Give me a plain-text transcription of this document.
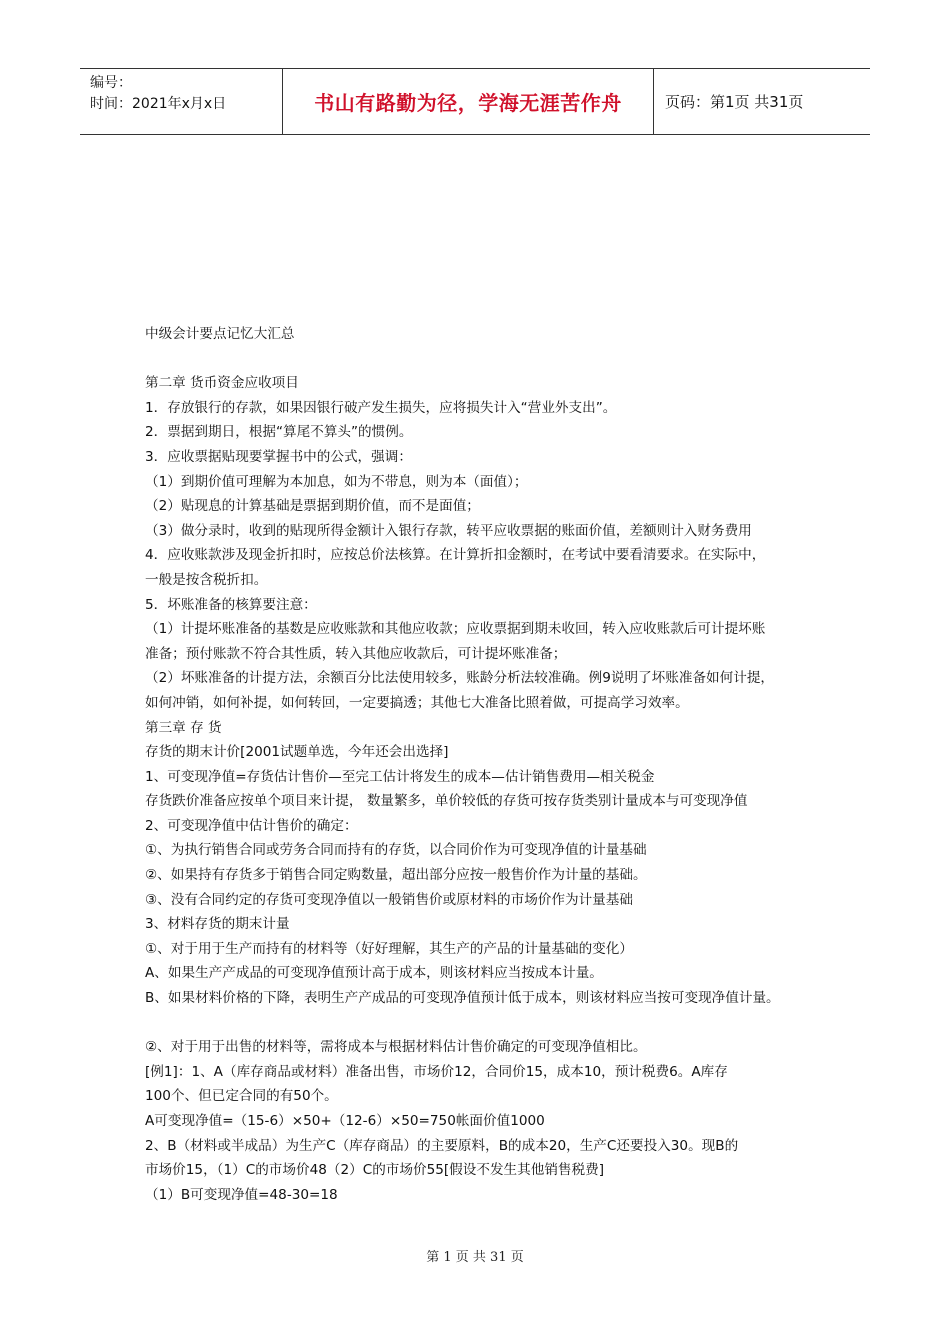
编号：
时间：2021年x月x日	书山有路勤为径，学海无涯苦作舟	页码：第1页 共31页

中级会计要点记忆大汇总

第二章 货币资金应收项目

1．存放银行的存款，如果因银行破产发生损失，应将损失计入“营业外支出”。

2．票据到期日，根据“算尾不算头”的惯例。

3．应收票据贴现要掌握书中的公式，强调：

（1）到期价值可理解为本加息，如为不带息，则为本（面值）；

（2）贴现息的计算基础是票据到期价值，而不是面值；

（3）做分录时，收到的贴现所得金额计入银行存款，转平应收票据的账面价值，差额则计入财务费用

4．应收账款涉及现金折扣时，应按总价法核算。在计算折扣金额时，在考试中要看清要求。在实际中，

一般是按含税折扣。

5．坏账准备的核算要注意：

（1）计提坏账准备的基数是应收账款和其他应收款；应收票据到期未收回，转入应收账款后可计提坏账

准备；预付账款不符合其性质，转入其他应收款后，可计提坏账准备；

（2）坏账准备的计提方法，余额百分比法使用较多，账龄分析法较准确。例9说明了坏账准备如何计提，

如何冲销，如何补提，如何转回，一定要搞透；其他七大准备比照着做，可提高学习效率。

第三章 存 货

存货的期末计价[2001试题单选，今年还会出选择]

1、可变现净值=存货估计售价—至完工估计将发生的成本—估计销售费用—相关税金

存货跌价准备应按单个项目来计提， 数量繁多，单价较低的存货可按存货类别计量成本与可变现净值

2、可变现净值中估计售价的确定：

①、为执行销售合同或劳务合同而持有的存货，以合同价作为可变现净值的计量基础

②、如果持有存货多于销售合同定购数量，超出部分应按一般售价作为计量的基础。

③、没有合同约定的存货可变现净值以一般销售价或原材料的市场价作为计量基础

3、材料存货的期末计量

①、对于用于生产而持有的材料等（好好理解，其生产的产品的计量基础的变化）

A、如果生产产成品的可变现净值预计高于成本，则该材料应当按成本计量。

B、如果材料价格的下降，表明生产产成品的可变现净值预计低于成本，则该材料应当按可变现净值计量。

②、对于用于出售的材料等，需将成本与根据材料估计售价确定的可变现净值相比。

[例1]：1、A（库存商品或材料）准备出售，市场价12，合同价15，成本10，预计税费6。A库存

100个、但已定合同的有50个。

A可变现净值=（15-6）×50+（12-6）×50=750帐面价值1000

2、B（材料或半成品）为生产C（库存商品）的主要原料，B的成本20，生产C还要投入30。现B的

市场价15，（1）C的市场价48（2）C的市场价55[假设不发生其他销售税费]

（1）B可变现净值=48-30=18

第 1 页 共 31 页
